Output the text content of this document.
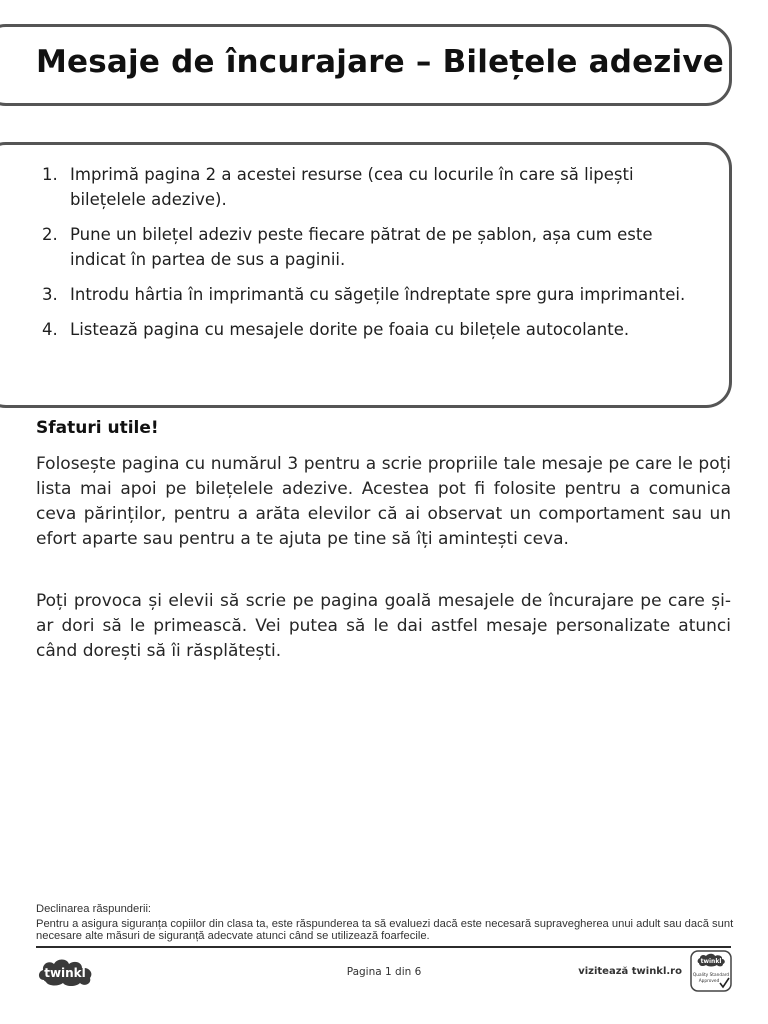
Mesaje de încurajare – Bilețele adezive
1. Imprimă pagina 2 a acestei resurse (cea cu locurile în care să lipești bilețelele adezive).
2. Pune un bilețel adeziv peste fiecare pătrat de pe șablon, așa cum este indicat în partea de sus a paginii.
3. Introdu hârtia în imprimantă cu săgețile îndreptate spre gura imprimantei.
4. Listează pagina cu mesajele dorite pe foaia cu bilețele autocolante.
Sfaturi utile!

Folosește pagina cu numărul 3 pentru a scrie propriile tale mesaje pe care le poți lista mai apoi pe bilețelele adezive. Acestea pot fi folosite pentru a comunica ceva părinților, pentru a arăta elevilor că ai observat un comportament sau un efort aparte sau pentru a te ajuta pe tine să îți amintești ceva.

Poți provoca și elevii să scrie pe pagina goală mesajele de încurajare pe care și-ar dori să le primească. Vei putea să le dai astfel mesaje personalizate atunci când dorești să îi răsplătești.

Declinarea răspunderii:
Pentru a asigura siguranța copiilor din clasa ta, este răspunderea ta să evaluezi dacă este necesară supravegherea unui adult sau dacă sunt necesare alte măsuri de siguranță adecvate atunci când se utilizează foarfecile.
twinkl	Pagina 1 din 6	vizitează twinkl.ro
twinkl
Quality Standard
Approved
